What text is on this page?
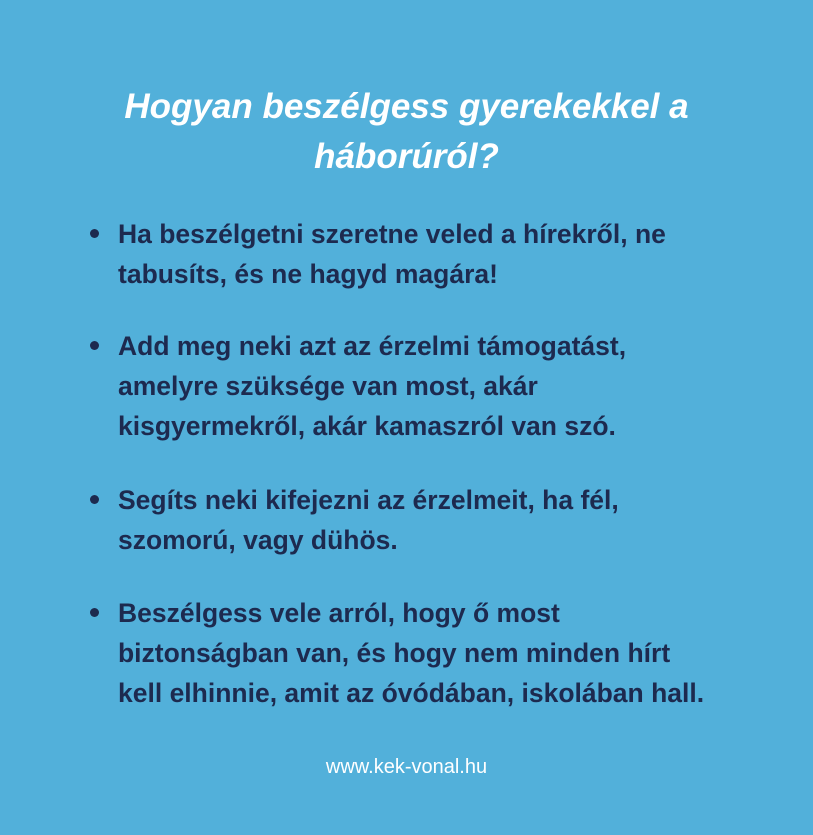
Hogyan beszélgess gyerekekkel a
háborúról?
Ha beszélgetni szeretne veled a hírekről, ne
tabusíts, és ne hagyd magára!
Add meg neki azt az érzelmi támogatást,
amelyre szüksége van most, akár
kisgyermekről, akár kamaszról van szó.
Segíts neki kifejezni az érzelmeit, ha fél,
szomorú, vagy dühös.
Beszélgess vele arról, hogy ő most
biztonságban van, és hogy nem minden hírt
kell elhinnie, amit az óvódában, iskolában hall.
www.kek-vonal.hu
